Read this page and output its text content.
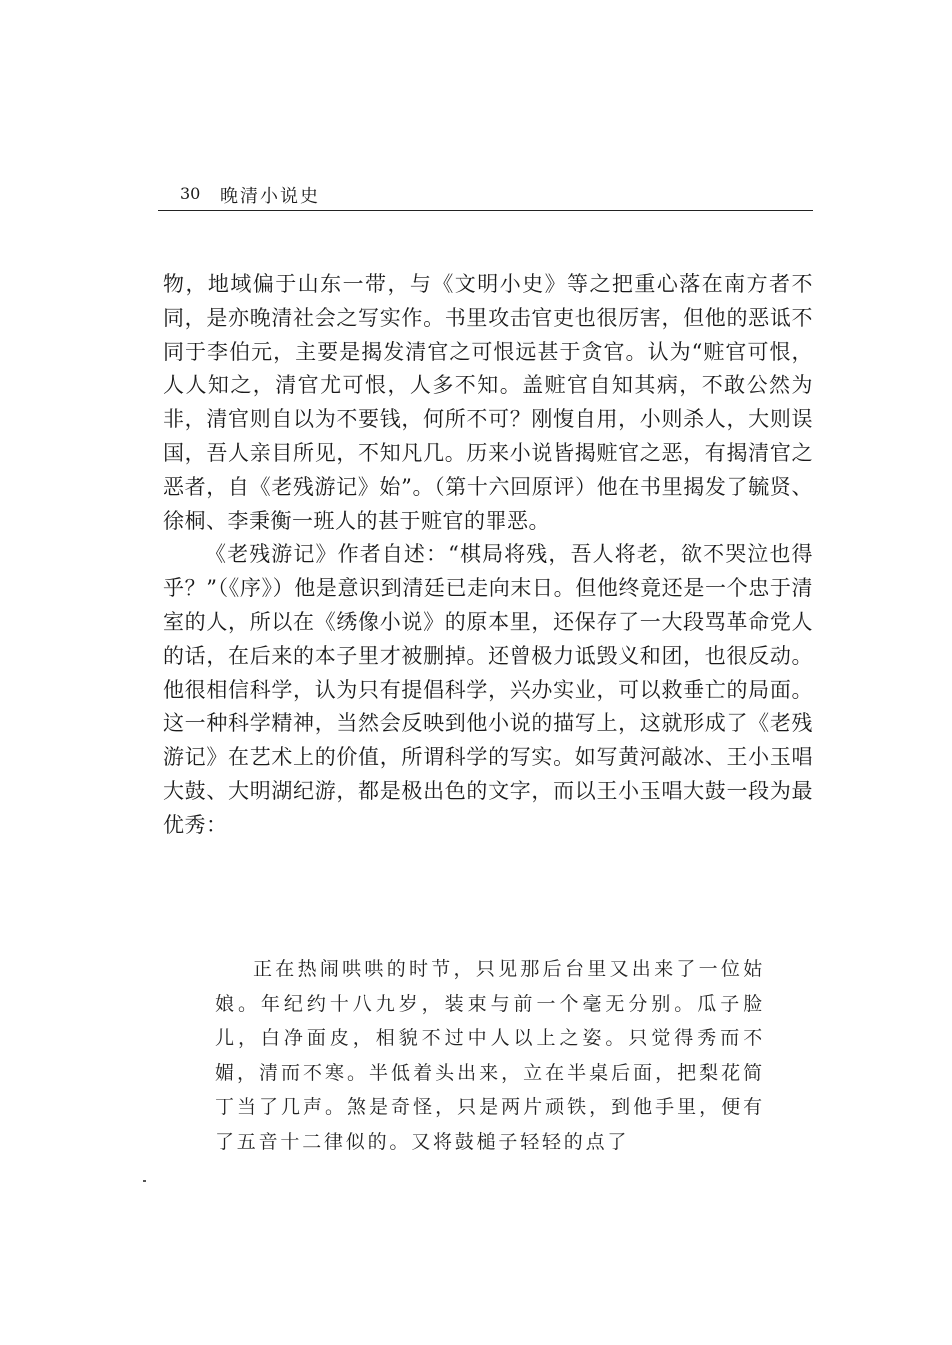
30 晚清小说史

物，地域偏于山东一带，与《文明小史》等之把重心落在南方者不同，是亦晚清社会之写实作。书里攻击官吏也很厉害，但他的恶诋不同于李伯元，主要是揭发清官之可恨远甚于贪官。认为“赃官可恨，人人知之，清官尤可恨，人多不知。盖赃官自知其病，不敢公然为非，清官则自以为不要钱，何所不可？刚愎自用，小则杀人，大则误国，吾人亲目所见，不知凡几。历来小说皆揭赃官之恶，有揭清官之恶者，自《老残游记》始”。（第十六回原评）他在书里揭发了毓贤、徐桐、李秉衡一班人的甚于赃官的罪恶。

《老残游记》作者自述：“棋局将残，吾人将老，欲不哭泣也得乎？”（《序》）他是意识到清廷已走向末日。但他终竟还是一个忠于清室的人，所以在《绣像小说》的原本里，还保存了一大段骂革命党人的话，在后来的本子里才被删掉。还曾极力诋毁义和团，也很反动。他很相信科学，认为只有提倡科学，兴办实业，可以救垂亡的局面。这一种科学精神，当然会反映到他小说的描写上，这就形成了《老残游记》在艺术上的价值，所谓科学的写实。如写黄河敲冰、王小玉唱大鼓、大明湖纪游，都是极出色的文字，而以王小玉唱大鼓一段为最优秀：

正在热闹哄哄的时节，只见那后台里又出来了一位姑娘。年纪约十八九岁，装束与前一个毫无分别。瓜子脸儿，白净面皮，相貌不过中人以上之姿。只觉得秀而不媚，清而不寒。半低着头出来，立在半桌后面，把梨花简丁当了几声。煞是奇怪，只是两片顽铁，到他手里，便有了五音十二律似的。又将鼓槌子轻轻的点了
